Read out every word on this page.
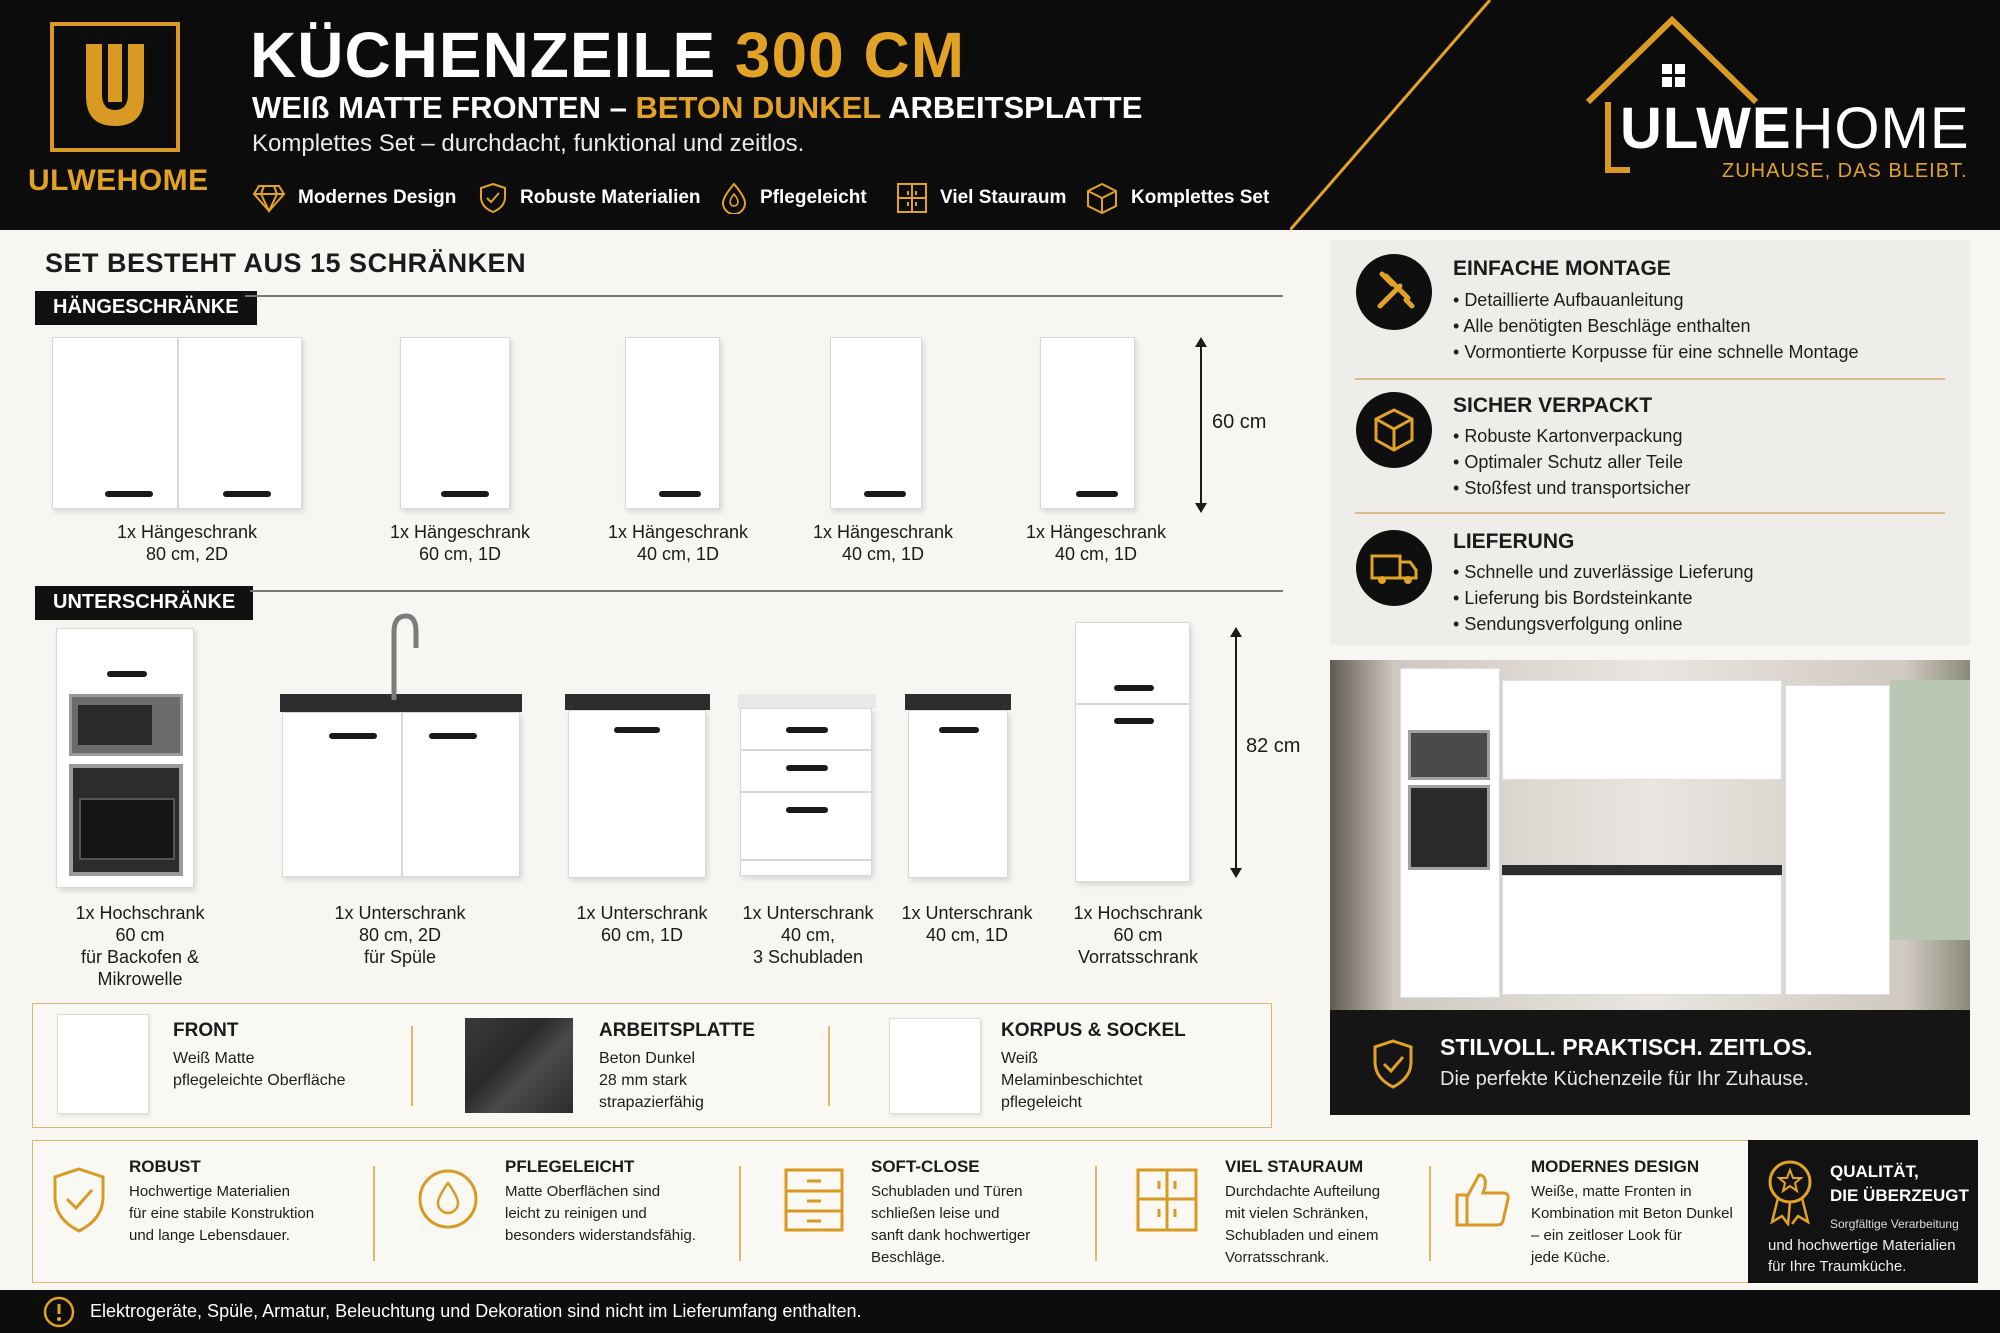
ULWEHOME
KÜCHENZEILE 300 CM
WEIß MATTE FRONTEN – BETON DUNKEL ARBEITSPLATTE
Komplettes Set – durchdacht, funktional und zeitlos.
Modernes Design	Robuste Materialien	Pflegeleicht	Viel Stauraum	Komplettes Set
ULWEHOME
ZUHAUSE, DAS BLEIBT.
SET BESTEHT AUS 15 SCHRÄNKEN
HÄNGESCHRÄNKE
60 cm
1x Hängeschrank
80 cm, 2D
1x Hängeschrank
60 cm, 1D
1x Hängeschrank
40 cm, 1D
1x Hängeschrank
40 cm, 1D
1x Hängeschrank
40 cm, 1D
UNTERSCHRÄNKE
82 cm
1x Hochschrank
60 cm
für Backofen &
Mikrowelle
1x Unterschrank
80 cm, 2D
für Spüle
1x Unterschrank
60 cm, 1D
1x Unterschrank
40 cm,
3 Schubladen
1x Unterschrank
40 cm, 1D
1x Hochschrank
60 cm
Vorratsschrank
EINFACHE MONTAGE
• Detaillierte Aufbauanleitung
• Alle benötigten Beschläge enthalten
• Vormontierte Korpusse für eine schnelle Montage
SICHER VERPACKT
• Robuste Kartonverpackung
• Optimaler Schutz aller Teile
• Stoßfest und transportsicher
LIEFERUNG
• Schnelle und zuverlässige Lieferung
• Lieferung bis Bordsteinkante
• Sendungsverfolgung online
STILVOLL. PRAKTISCH. ZEITLOS.
Die perfekte Küchenzeile für Ihr Zuhause.
FRONT
Weiß Matte
pflegeleichte Oberfläche
ARBEITSPLATTE
Beton Dunkel
28 mm stark
strapazierfähig
KORPUS & SOCKEL
Weiß
Melaminbeschichtet
pflegeleicht
ROBUST
Hochwertige Materialien
für eine stabile Konstruktion
und lange Lebensdauer.
PFLEGELEICHT
Matte Oberflächen sind
leicht zu reinigen und
besonders widerstandsfähig.
SOFT-CLOSE
Schubladen und Türen
schließen leise und
sanft dank hochwertiger
Beschläge.
VIEL STAURAUM
Durchdachte Aufteilung
mit vielen Schränken,
Schubladen und einem
Vorratsschrank.
MODERNES DESIGN
Weiße, matte Fronten in
Kombination mit Beton Dunkel
– ein zeitloser Look für
jede Küche.
QUALITÄT,
DIE ÜBERZEUGT
Sorgfältige Verarbeitung
und hochwertige Materialien
für Ihre Traumküche.
Elektrogeräte, Spüle, Armatur, Beleuchtung und Dekoration sind nicht im Lieferumfang enthalten.
